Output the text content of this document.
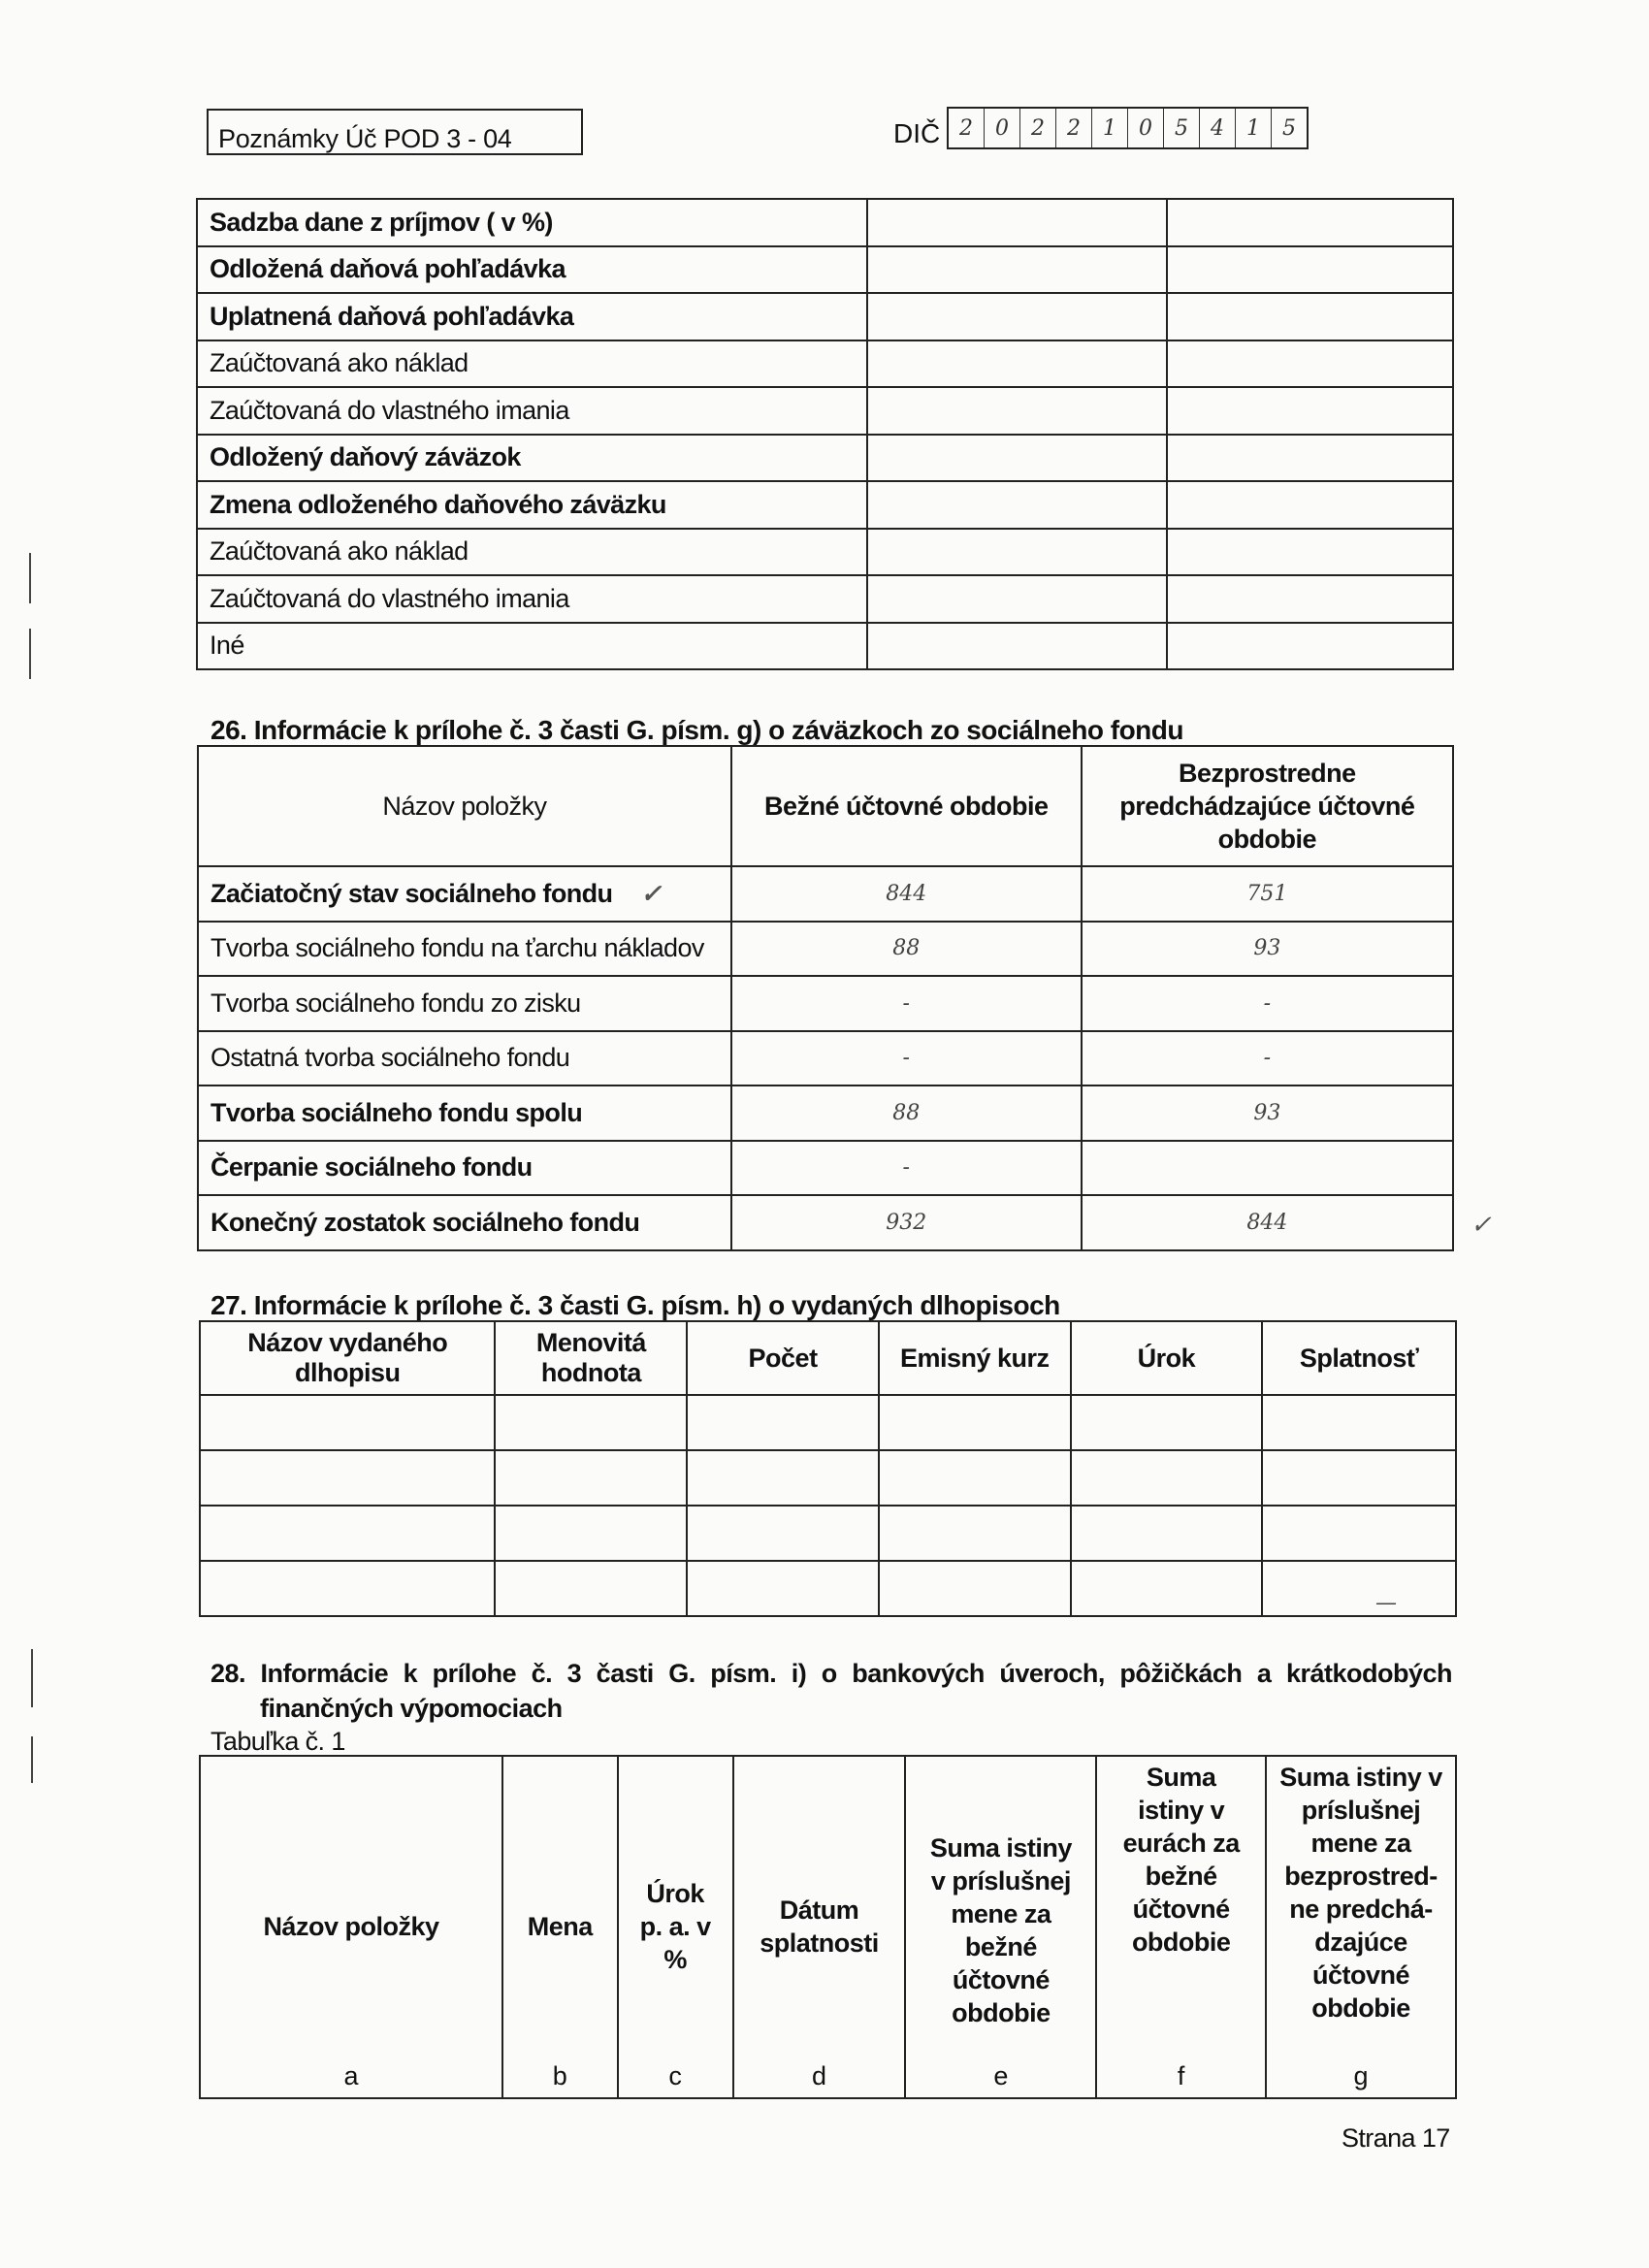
Poznámky Úč POD 3 - 04	DIČ 2	0	2	2	1	0	5	4	1	5
Sadzba dane z príjmov ( v %)		
Odložená daňová pohľadávka		
Uplatnená daňová pohľadávka		
Zaúčtovaná ako náklad		
Zaúčtovaná do vlastného imania		
Odložený daňový záväzok		
Zmena odloženého daňového záväzku		
Zaúčtovaná ako náklad		
Zaúčtovaná do vlastného imania		
Iné		
26. Informácie k prílohe č. 3 časti G. písm. g) o záväzkoch zo sociálneho fondu
Názov položky	Bežné účtovné obdobie	Bezprostredne predchádzajúce účtovné obdobie
Začiatočný stav sociálneho fondu ✓	844	751
Tvorba sociálneho fondu na ťarchu nákladov	88	93
Tvorba sociálneho fondu zo zisku	-	-
Ostatná tvorba sociálneho fondu	-	-
Tvorba sociálneho fondu spolu	88	93
Čerpanie sociálneho fondu	-	
Konečný zostatok sociálneho fondu	932	844	✓
27. Informácie k prílohe č. 3 časti G. písm. h) o vydaných dlhopisoch
Názov vydaného dlhopisu	Menovitá hodnota	Počet	Emisný kurz	Úrok	Splatnosť

					—
28. Informácie k prílohe č. 3 časti G. písm. i) o bankových úveroch, pôžičkách a krátkodobých
finančných výpomociach
Tabuľka č. 1
Názov položky	Mena	Úrok p. a. v %	Dátum splatnosti	Suma istiny v príslušnej mene za bežné účtovné obdobie	Suma istiny v eurách za bežné účtovné obdobie	Suma istiny v príslušnej mene za bezprostred-ne predchá- dzajúce účtovné obdobie
a	b	c	d	e	f	g
Strana 17
